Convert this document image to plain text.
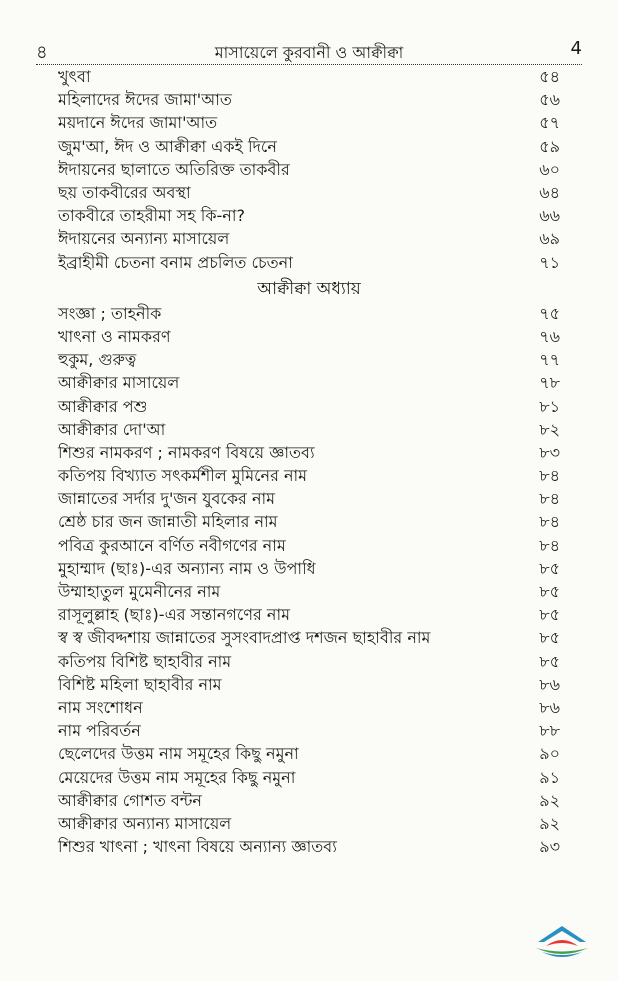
৪	মাসায়েলে কুরবানী ও আক্বীক্বা	4
খুৎবা	৫৪
মহিলাদের ঈদের জামা'আত	৫৬
ময়দানে ঈদের জামা'আত	৫৭
জুম'আ, ঈদ ও আক্বীক্বা একই দিনে	৫৯
ঈদায়নের ছালাতে অতিরিক্ত তাকবীর	৬০
ছয় তাকবীরের অবস্থা	৬৪
তাকবীরে তাহরীমা সহ কি-না?	৬৬
ঈদায়নের অন্যান্য মাসায়েল	৬৯
ইব্রাহীমী চেতনা বনাম প্রচলিত চেতনা	৭১
আক্বীক্বা অধ্যায়
সংজ্ঞা ; তাহনীক	৭৫
খাৎনা ও নামকরণ	৭৬
হুকুম, গুরুত্ব	৭৭
আক্বীক্বার মাসায়েল	৭৮
আক্বীক্বার পশু	৮১
আক্বীক্বার দো'আ	৮২
শিশুর নামকরণ ; নামকরণ বিষয়ে জ্ঞাতব্য	৮৩
কতিপয় বিখ্যাত সৎকর্মশীল মুমিনের নাম	৮৪
জান্নাতের সর্দার দু'জন যুবকের নাম	৮৪
শ্রেষ্ঠ চার জন জান্নাতী মহিলার নাম	৮৪
পবিত্র কুরআনে বর্ণিত নবীগণের নাম	৮৪
মুহাম্মাদ (ছাঃ)-এর অন্যান্য নাম ও উপাধি	৮৫
উম্মাহাতুল মুমেনীনের নাম	৮৫
রাসূলুল্লাহ (ছাঃ)-এর সন্তানগণের নাম	৮৫
স্ব স্ব জীবদ্দশায় জান্নাতের সুসংবাদপ্রাপ্ত দশজন ছাহাবীর নাম	৮৫
কতিপয় বিশিষ্ট ছাহাবীর নাম	৮৫
বিশিষ্ট মহিলা ছাহাবীর নাম	৮৬
নাম সংশোধন	৮৬
নাম পরিবর্তন	৮৮
ছেলেদের উত্তম নাম সমূহের কিছু নমুনা	৯০
মেয়েদের উত্তম নাম সমূহের কিছু নমুনা	৯১
আক্বীক্বার গোশত বন্টন	৯২
আক্বীক্বার অন্যান্য মাসায়েল	৯২
শিশুর খাৎনা ; খাৎনা বিষয়ে অন্যান্য জ্ঞাতব্য	৯৩
